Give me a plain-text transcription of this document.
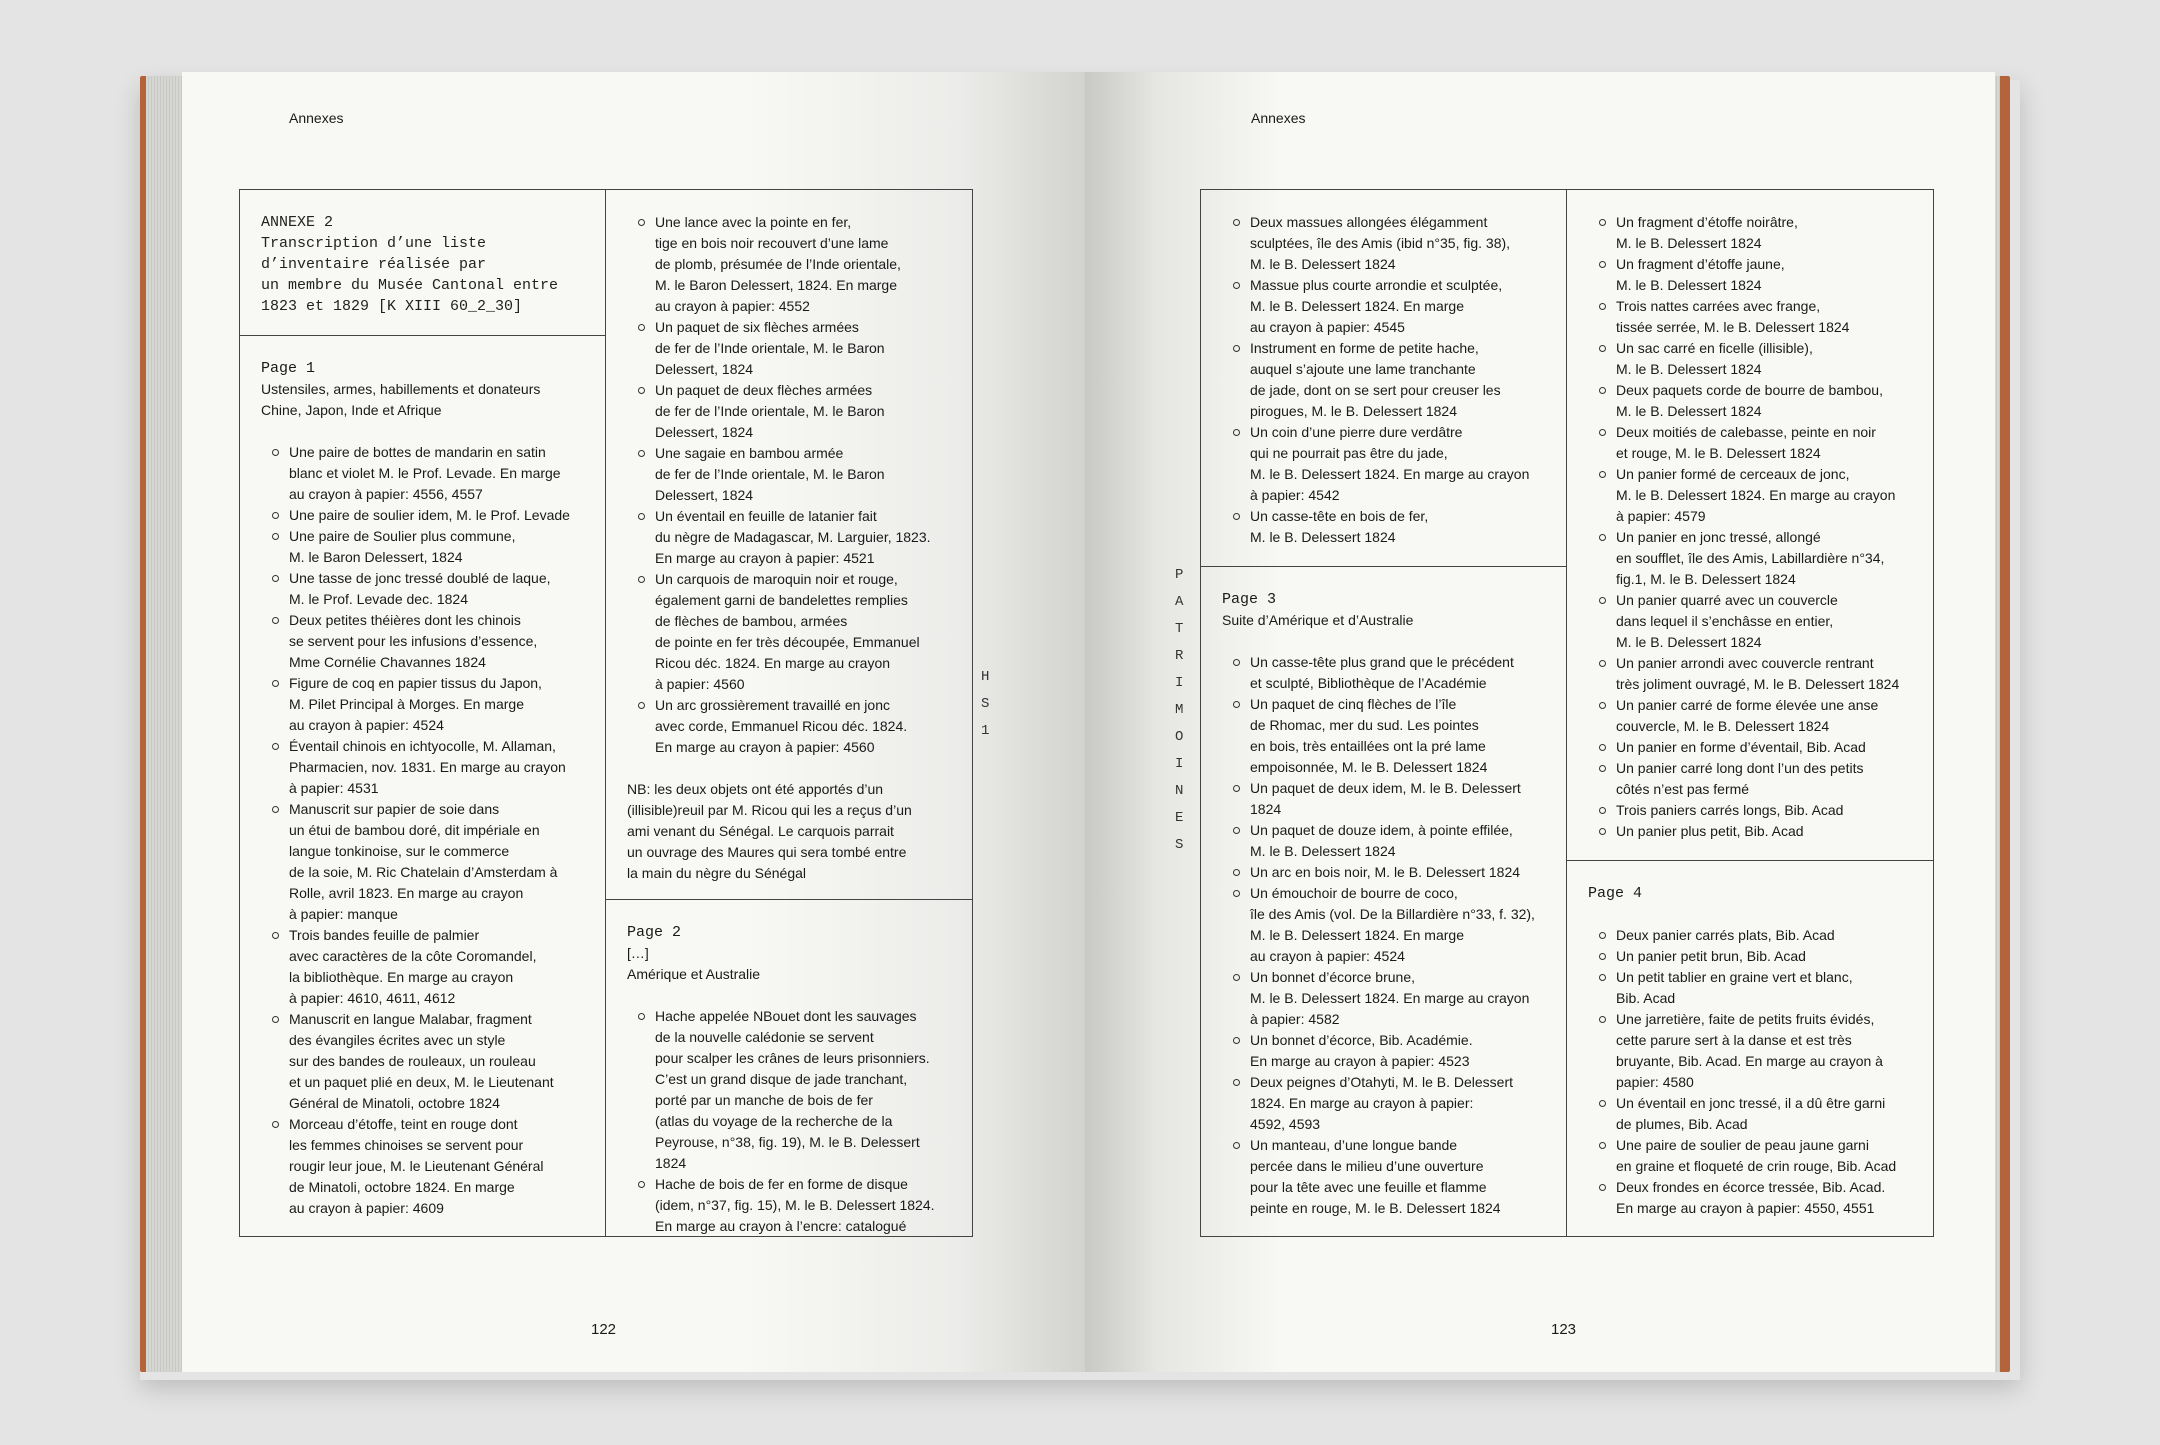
Annexes
ANNEXE 2
Transcription d’une liste
d’inventaire réalisée par
un membre du Musée Cantonal entre
1823 et 1829 [K XIII 60_2_30]
Page 1
Ustensiles, armes, habillements et donateurs
Chine, Japon, Inde et Afrique
Une paire de bottes de mandarin en satin
blanc et violet M. le Prof. Levade. En marge
au crayon à papier: 4556, 4557
Une paire de soulier idem, M. le Prof. Levade
Une paire de Soulier plus commune,
M. le Baron Delessert, 1824
Une tasse de jonc tressé doublé de laque,
M. le Prof. Levade dec. 1824
Deux petites théières dont les chinois
se servent pour les infusions d’essence,
Mme Cornélie Chavannes 1824
Figure de coq en papier tissus du Japon,
M. Pilet Principal à Morges. En marge
au crayon à papier: 4524
Éventail chinois en ichtyocolle, M. Allaman,
Pharmacien, nov. 1831. En marge au crayon
à papier: 4531
Manuscrit sur papier de soie dans
un étui de bambou doré, dit impériale en
langue tonkinoise, sur le commerce
de la soie, M. Ric Chatelain d’Amsterdam à
Rolle, avril 1823. En marge au crayon
à papier: manque
Trois bandes feuille de palmier
avec caractères de la côte Coromandel,
la bibliothèque. En marge au crayon
à papier: 4610, 4611, 4612
Manuscrit en langue Malabar, fragment
des évangiles écrites avec un style
sur des bandes de rouleaux, un rouleau
et un paquet plié en deux, M. le Lieutenant
Général de Minatoli, octobre 1824
Morceau d’étoffe, teint en rouge dont
les femmes chinoises se servent pour
rougir leur joue, M. le Lieutenant Général
de Minatoli, octobre 1824. En marge
au crayon à papier: 4609
Une lance avec la pointe en fer,
tige en bois noir recouvert d’une lame
de plomb, présumée de l’Inde orientale,
M. le Baron Delessert, 1824. En marge
au crayon à papier: 4552
Un paquet de six flèches armées
de fer de l’Inde orientale, M. le Baron
Delessert, 1824
Un paquet de deux flèches armées
de fer de l’Inde orientale, M. le Baron
Delessert, 1824
Une sagaie en bambou armée
de fer de l’Inde orientale, M. le Baron
Delessert, 1824
Un éventail en feuille de latanier fait
du nègre de Madagascar, M. Larguier, 1823.
En marge au crayon à papier: 4521
Un carquois de maroquin noir et rouge,
également garni de bandelettes remplies
de flèches de bambou, armées
de pointe en fer très découpée, Emmanuel
Ricou déc. 1824. En marge au crayon
à papier: 4560
Un arc grossièrement travaillé en jonc
avec corde, Emmanuel Ricou déc. 1824.
En marge au crayon à papier: 4560
NB: les deux objets ont été apportés d’un
(illisible)reuil par M. Ricou qui les a reçus d’un
ami venant du Sénégal. Le carquois parrait
un ouvrage des Maures qui sera tombé entre
la main du nègre du Sénégal
Page 2
[…]
Amérique et Australie
Hache appelée NBouet dont les sauvages
de la nouvelle calédonie se servent
pour scalper les crânes de leurs prisonniers.
C’est un grand disque de jade tranchant,
porté par un manche de bois de fer
(atlas du voyage de la recherche de la
Peyrouse, n°38, fig. 19), M. le B. Delessert 1824
Hache de bois de fer en forme de disque
(idem, n°37, fig. 15), M. le B. Delessert 1824.
En marge au crayon à l’encre: catalogué
H
S
1
122
Annexes
P
A
T
R
I
M
O
I
N
E
S
Deux massues allongées élégamment
sculptées, île des Amis (ibid n°35, fig. 38),
M. le B. Delessert 1824
Massue plus courte arrondie et sculptée,
M. le B. Delessert 1824. En marge
au crayon à papier: 4545
Instrument en forme de petite hache,
auquel s’ajoute une lame tranchante
de jade, dont on se sert pour creuser les
pirogues, M. le B. Delessert 1824
Un coin d’une pierre dure verdâtre
qui ne pourrait pas être du jade,
M. le B. Delessert 1824. En marge au crayon
à papier: 4542
Un casse-tête en bois de fer,
M. le B. Delessert 1824
Page 3
Suite d’Amérique et d’Australie
Un casse-tête plus grand que le précédent
et sculpté, Bibliothèque de l’Académie
Un paquet de cinq flèches de l’île
de Rhomac, mer du sud. Les pointes
en bois, très entaillées ont la pré lame
empoisonnée, M. le B. Delessert 1824
Un paquet de deux idem, M. le B. Delessert
1824
Un paquet de douze idem, à pointe effilée,
M. le B. Delessert 1824
Un arc en bois noir, M. le B. Delessert 1824
Un émouchoir de bourre de coco,
île des Amis (vol. De la Billardière n°33, f. 32),
M. le B. Delessert 1824. En marge
au crayon à papier: 4524
Un bonnet d’écorce brune,
M. le B. Delessert 1824. En marge au crayon
à papier: 4582
Un bonnet d’écorce, Bib. Académie.
En marge au crayon à papier: 4523
Deux peignes d’Otahyti, M. le B. Delessert
1824. En marge au crayon à papier:
4592, 4593
Un manteau, d’une longue bande
percée dans le milieu d’une ouverture
pour la tête avec une feuille et flamme
peinte en rouge, M. le B. Delessert 1824
Un fragment d’étoffe noirâtre,
M. le B. Delessert 1824
Un fragment d’étoffe jaune,
M. le B. Delessert 1824
Trois nattes carrées avec frange,
tissée serrée, M. le B. Delessert 1824
Un sac carré en ficelle (illisible),
M. le B. Delessert 1824
Deux paquets corde de bourre de bambou,
M. le B. Delessert 1824
Deux moitiés de calebasse, peinte en noir
et rouge, M. le B. Delessert 1824
Un panier formé de cerceaux de jonc,
M. le B. Delessert 1824. En marge au crayon
à papier: 4579
Un panier en jonc tressé, allongé
en soufflet, île des Amis, Labillardière n°34,
fig.1, M. le B. Delessert 1824
Un panier quarré avec un couvercle
dans lequel il s’enchâsse en entier,
M. le B. Delessert 1824
Un panier arrondi avec couvercle rentrant
très joliment ouvragé, M. le B. Delessert 1824
Un panier carré de forme élevée une anse
couvercle, M. le B. Delessert 1824
Un panier en forme d’éventail, Bib. Acad
Un panier carré long dont l’un des petits
côtés n’est pas fermé
Trois paniers carrés longs, Bib. Acad
Un panier plus petit, Bib. Acad
Page 4
Deux panier carrés plats, Bib. Acad
Un panier petit brun, Bib. Acad
Un petit tablier en graine vert et blanc,
Bib. Acad
Une jarretière, faite de petits fruits évidés,
cette parure sert à la danse et est très
bruyante, Bib. Acad. En marge au crayon à
papier: 4580
Un éventail en jonc tressé, il a dû être garni
de plumes, Bib. Acad
Une paire de soulier de peau jaune garni
en graine et floqueté de crin rouge, Bib. Acad
Deux frondes en écorce tressée, Bib. Acad.
En marge au crayon à papier: 4550, 4551
123
